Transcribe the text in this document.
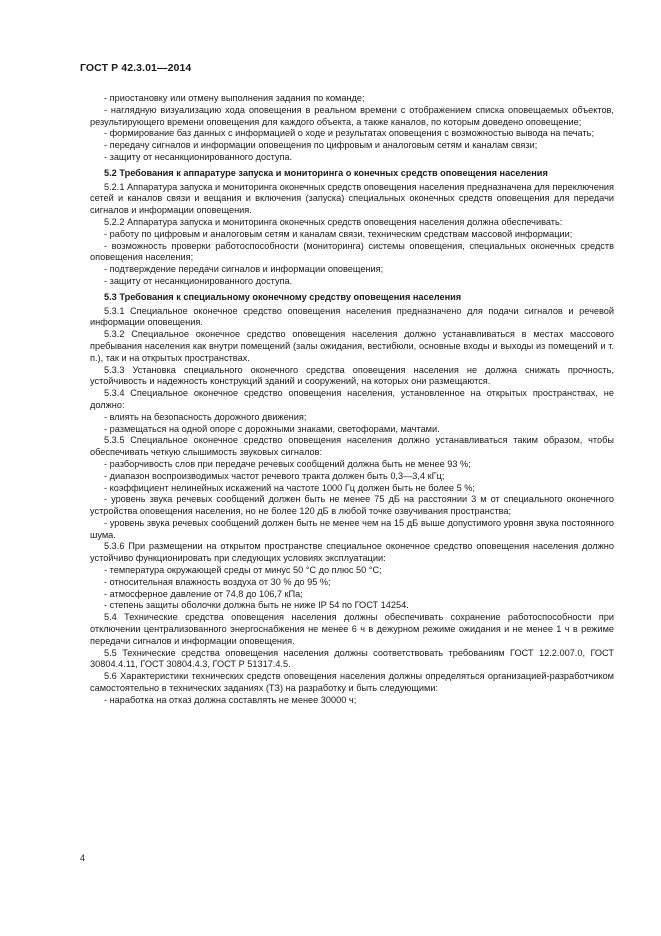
ГОСТ Р 42.3.01—2014

- приостановку или отмену выполнения задания по команде;

- наглядную визуализацию хода оповещения в реальном времени с отображением списка оповещаемых объектов, результирующего времени оповещения для каждого объекта, а также каналов, по которым доведено оповещение;

- формирование баз данных с информацией о ходе и результатах оповещения с возможностью вывода на печать;

- передачу сигналов и информации оповещения по цифровым и аналоговым сетям и каналам связи;

- защиту от несанкционированного доступа.

5.2 Требования к аппаратуре запуска и мониторинга о конечных средств оповещения населения

5.2.1 Аппаратура запуска и мониторинга оконечных средств оповещения населения предназначена для переключения сетей и каналов связи и вещания и включения (запуска) специальных оконечных средств оповещения для передачи сигналов и информации оповещения.

5.2.2 Аппаратура запуска и мониторинга оконечных средств оповещения населения должна обеспечивать:

- работу по цифровым и аналоговым сетям и каналам связи, техническим средствам массовой информации;

- возможность проверки работоспособности (мониторинга) системы оповещения, специальных оконечных средств оповещения населения;

- подтверждение передачи сигналов и информации оповещения;

- защиту от несанкционированного доступа.

5.3 Требования к специальному оконечному средству оповещения населения

5.3.1 Специальное оконечное средство оповещения населения предназначено для подачи сигналов и речевой информации оповещения.

5.3.2 Специальное оконечное средство оповещения населения должно устанавливаться в местах массового пребывания населения как внутри помещений (залы ожидания, вестибюли, основные входы и выходы из помещений и т. п.), так и на открытых пространствах.

5.3.3 Установка специального оконечного средства оповещения населения не должна снижать прочность, устойчивость и надежность конструкций зданий и сооружений, на которых они размещаются.

5.3.4 Специальное оконечное средство оповещения населения, установленное на открытых пространствах, не должно:

- влиять на безопасность дорожного движения;

- размещаться на одной опоре с дорожными знаками, светофорами, мачтами.

5.3.5 Специальное оконечное средство оповещения населения должно устанавливаться таким образом, чтобы обеспечивать четкую слышимость звуковых сигналов:

- разборчивость слов при передаче речевых сообщений должна быть не менее 93 %;

- диапазон воспроизводимых частот речевого тракта должен быть 0,3—3,4 кГц;

- коэффициент нелинейных искажений на частоте 1000 Гц должен быть не более 5 %;

- уровень звука речевых сообщений должен быть не менее 75 дБ на расстоянии 3 м от специального оконечного устройства оповещения населения, но не более 120 дБ в любой точке озвучивания пространства;

- уровень звука речевых сообщений должен быть не менее чем на 15 дБ выше допустимого уровня звука постоянного шума.

5.3.6 При размещении на открытом пространстве специальное оконечное средство оповещения населения должно устойчиво функционировать при следующих условиях эксплуатации:

- температура окружающей среды от минус 50 °С до плюс 50 °С;

- относительная влажность воздуха от 30 % до 95 %;

- атмосферное давление от 74,8 до 106,7 кПа;

- степень защиты оболочки должна быть не ниже IP 54 по ГОСТ 14254.

5.4 Технические средства оповещения населения должны обеспечивать сохранение работоспособности при отключении централизованного энергоснабжения не менее 6 ч в дежурном режиме ожидания и не менее 1 ч в режиме передачи сигналов и информации оповещения.

5.5 Технические средства оповещения населения должны соответствовать требованиям ГОСТ 12.2.007.0, ГОСТ 30804.4.11, ГОСТ 30804.4.3, ГОСТ Р 51317.4.5.

5.6 Характеристики технических средств оповещения населения должны определяться организацией-разработчиком самостоятельно в технических заданиях (ТЗ) на разработку и быть следующими:

- наработка на отказ должна составлять не менее 30000 ч;

4
